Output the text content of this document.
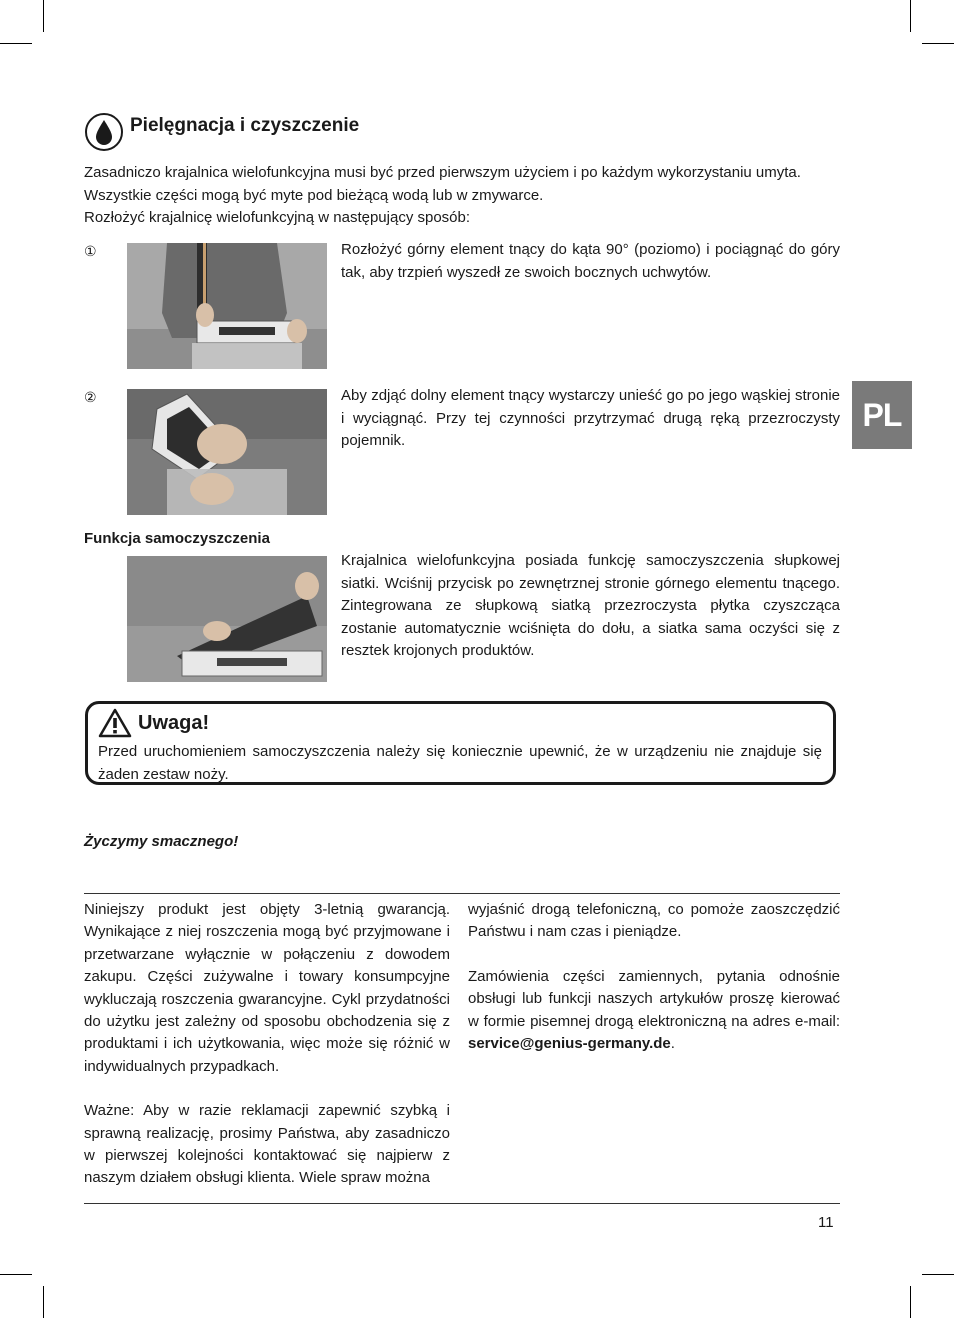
PL
Pielęgnacja i czyszczenie

Zasadniczo krajalnica wielofunkcyjna musi być przed pierwszym użyciem i po każdym wykorzystaniu umyta.

Wszystkie części mogą być myte pod bieżącą wodą lub w zmywarce.

Rozłożyć krajalnicę wielofunkcyjną w następujący sposób:

①	Rozłożyć górny element tnący do kąta 90° (poziomo) i pociągnąć do góry tak, aby trzpień wyszedł ze swoich bocznych uchwytów.
②	Aby zdjąć dolny element tnący wystarczy unieść go po jego wąskiej stronie i wyciągnąć. Przy tej czynności przytrzymać drugą ręką przezroczysty pojemnik.
Funkcja samoczyszczenia
Krajalnica wielofunkcyjna posiada funkcję samoczyszczenia słupkowej siatki. Wciśnij przycisk po zewnętrznej stronie górnego elementu tnącego. Zintegrowana ze słupkową siatką przezroczysta płytka czyszcząca zostanie automatycznie wciśnięta do dołu, a siatka sama oczyści się z resztek krojonych produktów.
Uwaga!
Przed uruchomieniem samoczyszczenia należy się koniecznie upewnić, że w urządzeniu nie znajduje się żaden zestaw noży.
Życzymy smacznego!

Niniejszy produkt jest objęty 3-letnią gwarancją. Wynikające z niej roszczenia mogą być przyjmowane i przetwarzane wyłącznie w połączeniu z dowodem zakupu. Części zużywalne i towary konsumpcyjne wykluczają roszczenia gwarancyjne. Cykl przydatności do użytku jest zależny od sposobu obchodzenia się z produktami i ich użytkowania, więc może się różnić w indywidualnych przypadkach.

Ważne: Aby w razie reklamacji zapewnić szybką i sprawną realizację, prosimy Państwa, aby zasadniczo w pierwszej kolejności kontaktować się najpierw z naszym działem obsługi klienta. Wiele spraw można

wyjaśnić drogą telefoniczną, co pomoże zaoszczędzić Państwu i nam czas i pieniądze.

Zamówienia części zamiennych, pytania odnośnie obsługi lub funkcji naszych artykułów proszę kierować w formie pisemnej drogą elektroniczną na adres e-mail: service@genius-germany.de.

11
